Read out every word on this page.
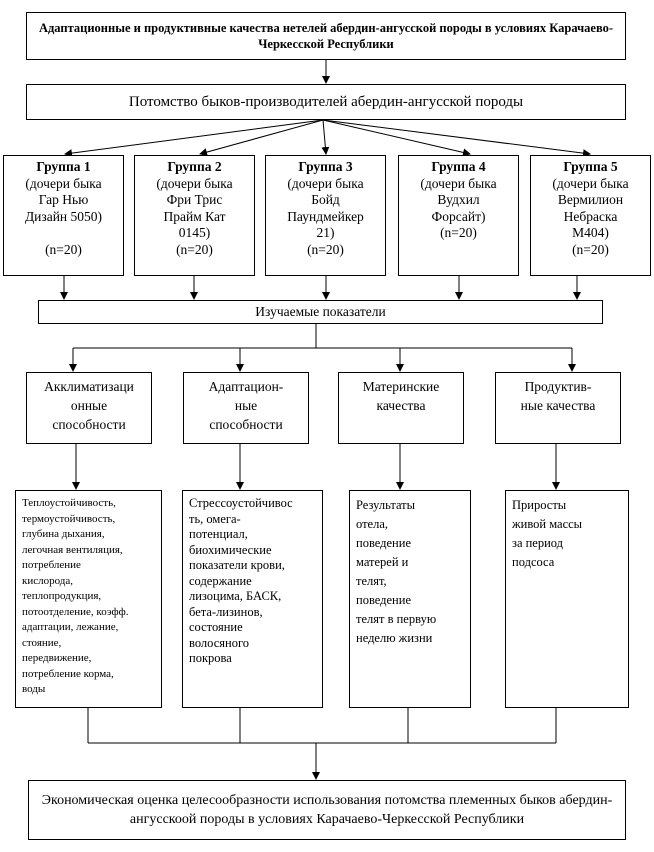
Адаптационные и продуктивные качества нетелей абердин-ангусской породы в условиях Карачаево-Черкесской Республики
Потомство быков-производителей абердин-ангусской породы
Группа 1
(дочери быка
Гар Нью
Дизайн 5050)

(n=20)
Группа 2
(дочери быка
Фри Трис
Прайм Кат
0145)
(n=20)
Группа 3
(дочери быка
Бойд
Паундмейкер
21)
(n=20)
Группа 4
(дочери быка
Вудхил
Форсайт)
(n=20)
Группа 5
(дочери быка
Вермилион
Небраска
M404)
(n=20)
Изучаемые показатели
Акклиматизаци
онные
способности
Адаптацион-
ные
способности
Материнские
качества
Продуктив-
ные качества
Теплоустойчивость,
термоустойчивость,
глубина дыхания,
легочная вентиляция,
потребление
кислорода,
теплопродукция,
потоотделение, коэфф.
адаптации, лежание,
стояние,
передвижение,
потребление корма,
воды
Стрессоустойчивос
ть, омега-
потенциал,
биохимические
показатели крови,
содержание
лизоцима, БАСК,
бета-лизинов,
состояние
волосяного
покрова
Результаты
отела,
поведение
матерей и
телят,
поведение
телят в первую
неделю жизни
Приросты
живой массы
за период
подсоса
Экономическая оценка целесообразности использования потомства племенных быков абердин-ангусскоой породы в условиях Карачаево-Черкесской Республики
